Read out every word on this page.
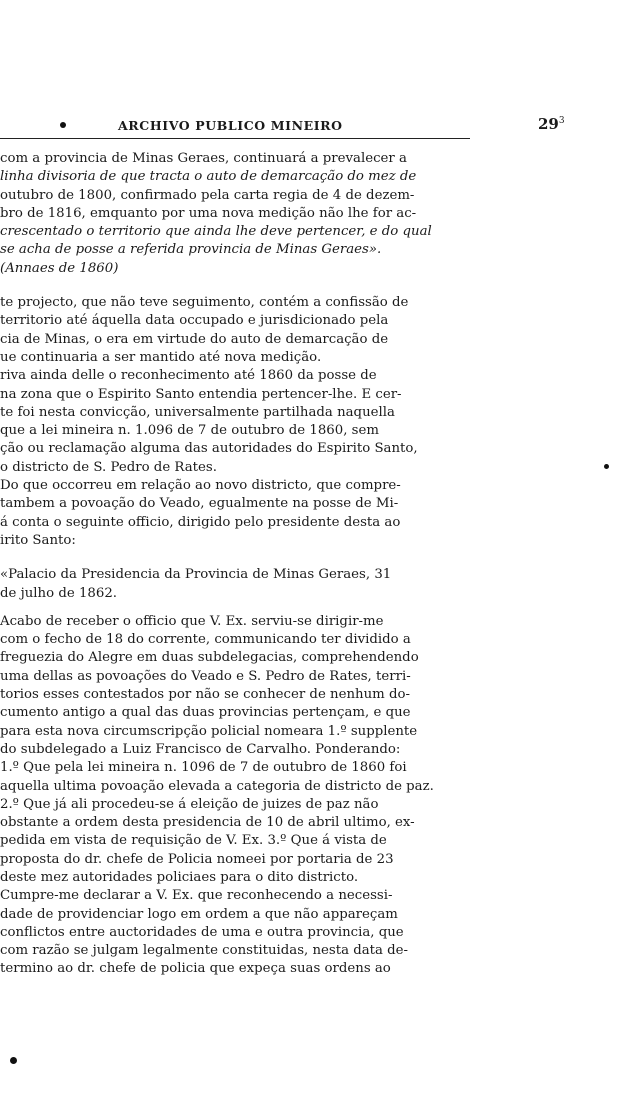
ARCHIVO PUBLICO MINEIRO	$29^3$

com a provincia de Minas Geraes, continuará a prevalecer a

linha divisoria de que tracta o auto de demarcação do mez de

outubro de 1800, confirmado pela carta regia de 4 de dezem-

bro de 1816, emquanto por uma nova medição não lhe for ac-

crescentado o territorio que ainda lhe deve pertencer, e do qual

se acha de posse a referida provincia de Minas Geraes».

(Annaes de 1860)

te projecto, que não teve seguimento, contém a confissão de

territorio até áquella data occupado e jurisdicionado pela

cia de Minas, o era em virtude do auto de demarcação de

ue continuaria a ser mantido até nova medição.

riva ainda delle o reconhecimento até 1860 da posse de

na zona que o Espirito Santo entendia pertencer-lhe. E cer-

te foi nesta convicção, universalmente partilhada naquella

que a lei mineira n. 1.096 de 7 de outubro de 1860, sem

ção ou reclamação alguma das autoridades do Espirito Santo,

o districto de S. Pedro de Rates.

Do que occorreu em relação ao novo districto, que compre-

tambem a povoação do Veado, egualmente na posse de Mi-

á conta o seguinte officio, dirigido pelo presidente desta ao

irito Santo:

«Palacio da Presidencia da Provincia de Minas Geraes, 31

de julho de 1862.

Acabo de receber o officio que V. Ex. serviu-se dirigir-me

com o fecho de 18 do corrente, communicando ter dividido a

freguezia do Alegre em duas subdelegacias, comprehendendo

uma dellas as povoações do Veado e S. Pedro de Rates, terri-

torios esses contestados por não se conhecer de nenhum do-

cumento antigo a qual das duas provincias pertençam, e que

para esta nova circumscripção policial nomeara 1.º supplente

do subdelegado a Luiz Francisco de Carvalho. Ponderando:

1.º Que pela lei mineira n. 1096 de 7 de outubro de 1860 foi

aquella ultima povoação elevada a categoria de districto de paz.

2.º Que já ali procedeu-se á eleição de juizes de paz não

obstante a ordem desta presidencia de 10 de abril ultimo, ex-

pedida em vista de requisição de V. Ex. 3.º Que á vista de

proposta do dr. chefe de Policia nomeei por portaria de 23

deste mez autoridades policiaes para o dito districto.

Cumpre-me declarar a V. Ex. que reconhecendo a necessi-

dade de providenciar logo em ordem a que não appareçam

conflictos entre auctoridades de uma e outra provincia, que

com razão se julgam legalmente constituidas, nesta data de-

termino ao dr. chefe de policia que expeça suas ordens ao
